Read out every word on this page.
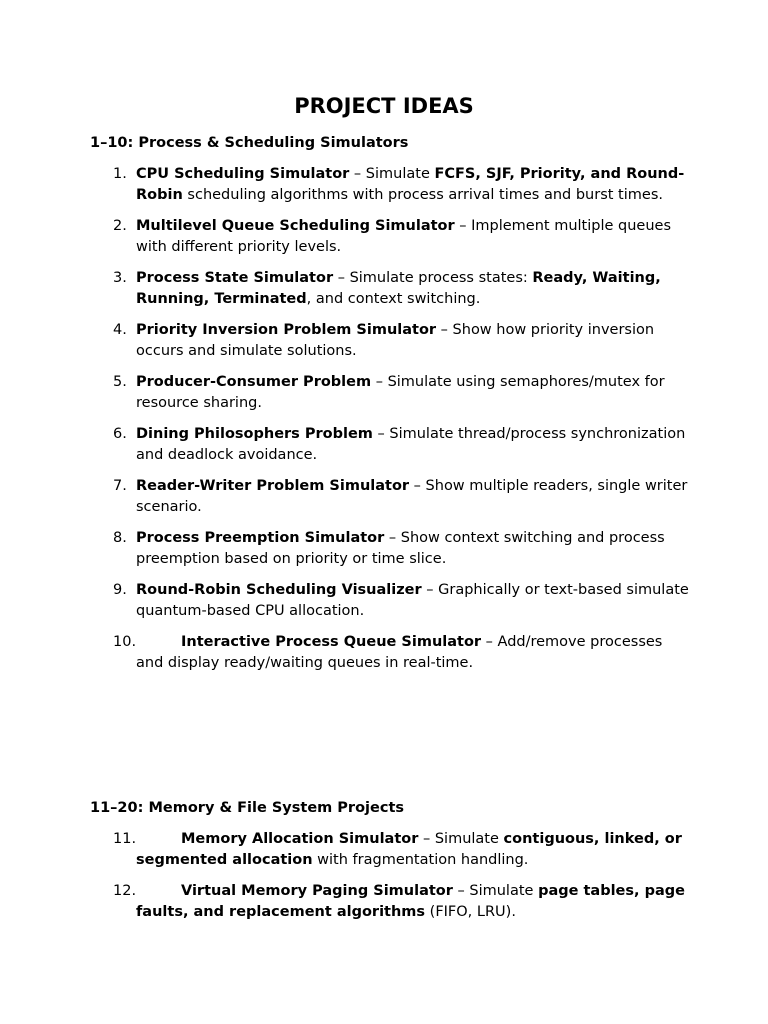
PROJECT IDEAS
1–10: Process & Scheduling Simulators
1. CPU Scheduling Simulator – Simulate FCFS, SJF, Priority, and Round-Robin scheduling algorithms with process arrival times and burst times.
2. Multilevel Queue Scheduling Simulator – Implement multiple queues with different priority levels.
3. Process State Simulator – Simulate process states: Ready, Waiting, Running, Terminated, and context switching.
4. Priority Inversion Problem Simulator – Show how priority inversion occurs and simulate solutions.
5. Producer-Consumer Problem – Simulate using semaphores/mutex for resource sharing.
6. Dining Philosophers Problem – Simulate thread/process synchronization and deadlock avoidance.
7. Reader-Writer Problem Simulator – Show multiple readers, single writer scenario.
8. Process Preemption Simulator – Show context switching and process preemption based on priority or time slice.
9. Round-Robin Scheduling Visualizer – Graphically or text-based simulate quantum-based CPU allocation.
10.	Interactive Process Queue Simulator – Add/remove processes and display ready/waiting queues in real-time.
11–20: Memory & File System Projects
11.	Memory Allocation Simulator – Simulate contiguous, linked, or segmented allocation with fragmentation handling.
12.	Virtual Memory Paging Simulator – Simulate page tables, page faults, and replacement algorithms (FIFO, LRU).
